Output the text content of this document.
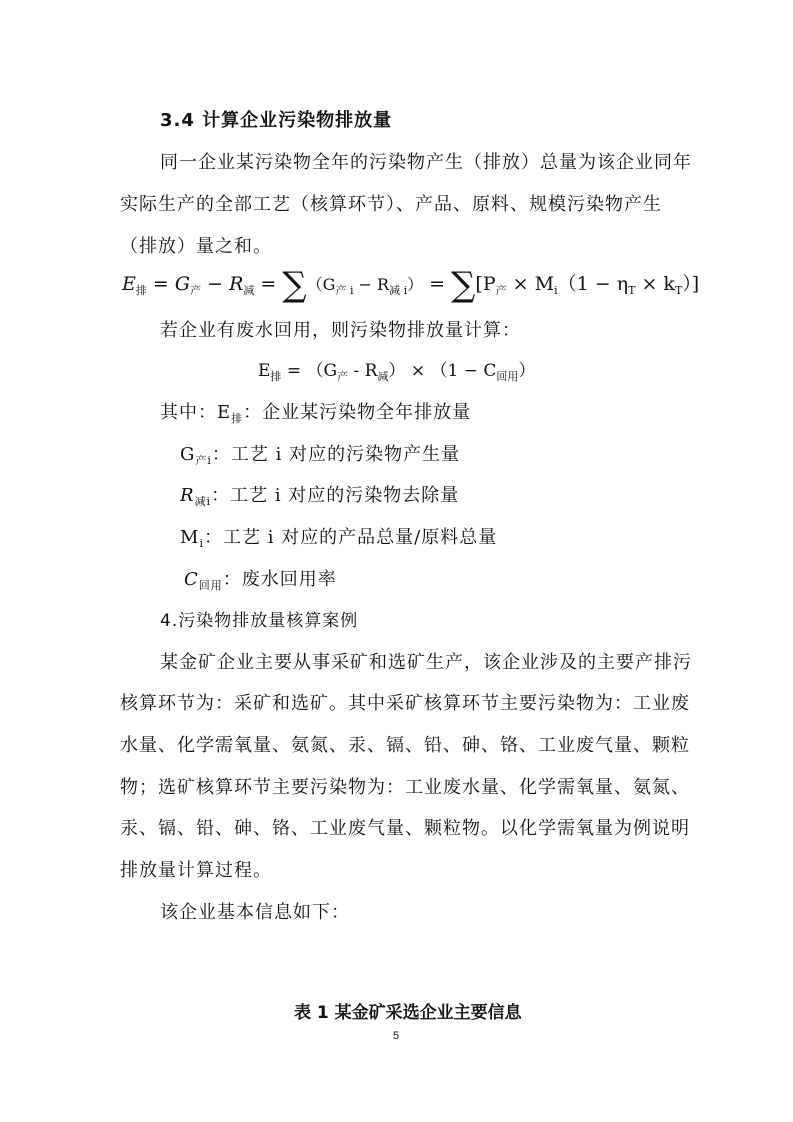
3.4 计算企业污染物排放量
同一企业某污染物全年的污染物产生（排放）总量为该企业同年
实际生产的全部工艺（核算环节）、产品、原料、规模污染物产生
（排放）量之和。
$E_排 = G_产 - R_减 = \sum(G_{产 i} - R_{减 i}) = \sum[P_产 \times M_i(1 - \eta_T \times k_T)]$
若企业有废水回用，则污染物排放量计算：
$E_排 = (G_产 - R_减) \times (1 - C_{回用})$
其中：$E_排$：企业某污染物全年排放量
$G_{产i}$：工艺 i 对应的污染物产生量
$R_{减i}$：工艺 i 对应的污染物去除量
$M_i$：工艺 i 对应的产品总量/原料总量
$C_{回用}$：废水回用率
4.污染物排放量核算案例
某金矿企业主要从事采矿和选矿生产，该企业涉及的主要产排污
核算环节为：采矿和选矿。其中采矿核算环节主要污染物为：工业废
水量、化学需氧量、氨氮、汞、镉、铅、砷、铬、工业废气量、颗粒
物；选矿核算环节主要污染物为：工业废水量、化学需氧量、氨氮、
汞、镉、铅、砷、铬、工业废气量、颗粒物。以化学需氧量为例说明
排放量计算过程。
该企业基本信息如下：
表 1 某金矿采选企业主要信息
5
